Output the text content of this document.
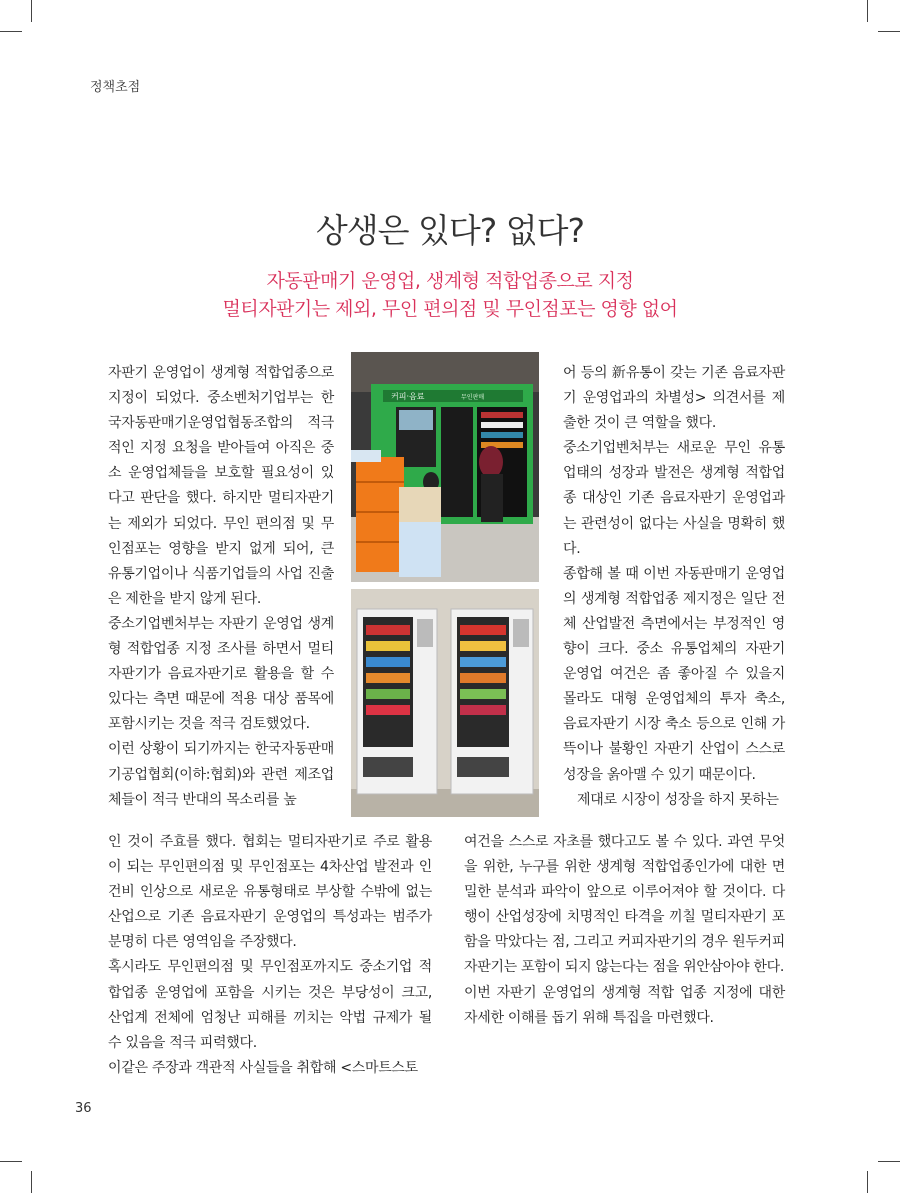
정책초점
상생은 있다? 없다?
자동판매기 운영업, 생계형 적합업종으로 지정
멀티자판기는 제외, 무인 편의점 및 무인점포는 영향 없어

자판기 운영업이 생계형 적합업종으로 지정이 되었다. 중소벤처기업부는 한국자동판매기운영업협동조합의 적극적인 지정 요청을 받아들여 아직은 중소 운영업체들을 보호할 필요성이 있다고 판단을 했다. 하지만 멀티자판기는 제외가 되었다. 무인 편의점 및 무인점포는 영향을 받지 없게 되어, 큰 유통기업이나 식품기업들의 사업 진출은 제한을 받지 않게 된다.

중소기업벤처부는 자판기 운영업 생계형 적합업종 지정 조사를 하면서 멀티자판기가 음료자판기로 활용을 할 수 있다는 측면 때문에 적용 대상 품목에 포함시키는 것을 적극 검토했었다.

이런 상황이 되기까지는 한국자동판매기공업협회(이하:협회)와 관련 제조업체들이 적극 반대의 목소리를 높

인 것이 주효를 했다. 협회는 멀티자판기로 주로 활용이 되는 무인편의점 및 무인점포는 4차산업 발전과 인건비 인상으로 새로운 유통형태로 부상할 수밖에 없는 산업으로 기존 음료자판기 운영업의 특성과는 범주가 분명히 다른 영역임을 주장했다.

혹시라도 무인편의점 및 무인점포까지도 중소기업 적합업종 운영업에 포함을 시키는 것은 부당성이 크고, 산업계 전체에 엄청난 피해를 끼치는 악법 규제가 될 수 있음을 적극 피력했다.

이같은 주장과 객관적 사실들을 취합해 <스마트스토

어 등의 新유통이 갖는 기존 음료자판기 운영업과의 차별성> 의견서를 제출한 것이 큰 역할을 했다.

중소기업벤처부는 새로운 무인 유통업태의 성장과 발전은 생계형 적합업종 대상인 기존 음료자판기 운영업과는 관련성이 없다는 사실을 명확히 했다.

종합해 볼 때 이번 자동판매기 운영업의 생계형 적합업종 제지정은 일단 전체 산업발전 측면에서는 부정적인 영향이 크다. 중소 유통업체의 자판기 운영업 여건은 좀 좋아질 수 있을지 몰라도 대형 운영업체의 투자 축소, 음료자판기 시장 축소 등으로 인해 가뜩이나 불황인 자판기 산업이 스스로 성장을 옭아맬 수 있기 때문이다.

제대로 시장이 성장을 하지 못하는

여건을 스스로 자초를 했다고도 볼 수 있다. 과연 무엇을 위한, 누구를 위한 생계형 적합업종인가에 대한 면밀한 분석과 파악이 앞으로 이루어져야 할 것이다. 다행이 산업성장에 치명적인 타격을 끼칠 멀티자판기 포함을 막았다는 점, 그리고 커피자판기의 경우 원두커피자판기는 포함이 되지 않는다는 점을 위안삼아야 한다.

이번 자판기 운영업의 생계형 적합 업종 지정에 대한 자세한 이해를 돕기 위해 특집을 마련했다.

커피·음료	무인판매
36
